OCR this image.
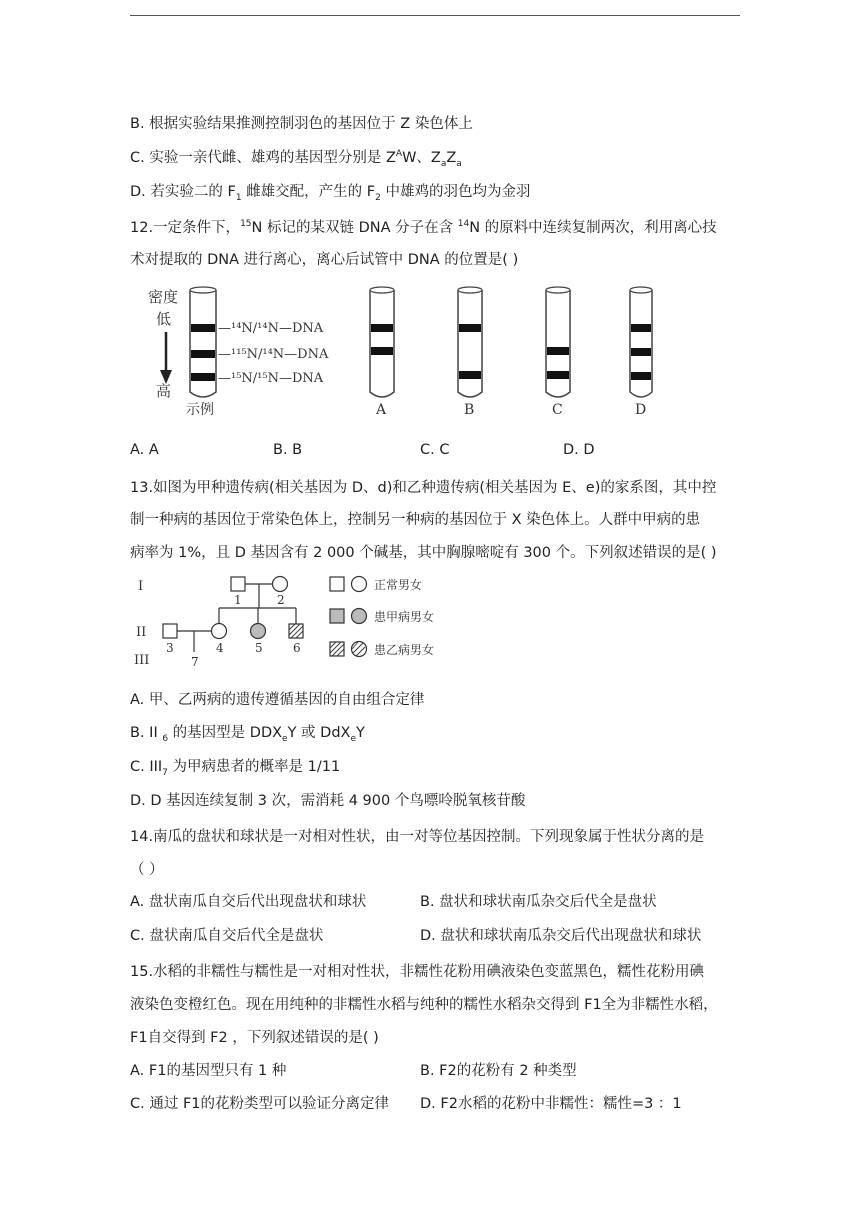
B. 根据实验结果推测控制羽色的基因位于 Z 染色体上
C. 实验一亲代雌、雄鸡的基因型分别是 $Z^AW$、$Z_aZ_a$
D. 若实验二的 $F_1$ 雌雄交配，产生的 $F_2$ 中雄鸡的羽色均为金羽
12.一定条件下，$^{15}$N 标记的某双链 DNA 分子在含 $^{14}$N 的原料中连续复制两次，利用离心技
术对提取的 DNA 进行离心，离心后试管中 DNA 的位置是( )
密度
低
高
—¹⁴N/¹⁴N—DNA
—¹¹⁵N/¹⁴N—DNA
—¹⁵N/¹⁵N—DNA
示例	A	B	C	D
A. A	B. B	C. C	D. D
13.如图为甲种遗传病(相关基因为 D、d)和乙种遗传病(相关基因为 E、e)的家系图，其中控
制一种病的基因位于常染色体上，控制另一种病的基因位于 X 染色体上。人群中甲病的患
病率为 1%，且 D 基因含有 2 000 个碱基，其中胸腺嘧啶有 300 个。下列叙述错误的是( )
I
II
III
1	2
3	4	5	6
7
正常男女
患甲病男女
患乙病男女
A. 甲、乙两病的遗传遵循基因的自由组合定律
B. II $_6$ 的基因型是 $DDX_eY$ 或 DdX$_e$Y
C. $III_7$ 为甲病患者的概率是 1/11
D. D 基因连续复制 3 次，需消耗 4 900 个鸟嘌呤脱氧核苷酸
14.南瓜的盘状和球状是一对相对性状，由一对等位基因控制。下列现象属于性状分离的是
（ ）
A. 盘状南瓜自交后代出现盘状和球状	B. 盘状和球状南瓜杂交后代全是盘状
C. 盘状南瓜自交后代全是盘状	D. 盘状和球状南瓜杂交后代出现盘状和球状
15.水稻的非糯性与糯性是一对相对性状，非糯性花粉用碘液染色变蓝黑色，糯性花粉用碘
液染色变橙红色。现在用纯种的非糯性水稻与纯种的糯性水稻杂交得到 F1全为非糯性水稻，
F1自交得到 F2 ，下列叙述错误的是( )
A. F1的基因型只有 1 种	B. F2的花粉有 2 种类型
C. 通过 F1的花粉类型可以验证分离定律 D. F2水稻的花粉中非糯性：糯性=3 ：1
